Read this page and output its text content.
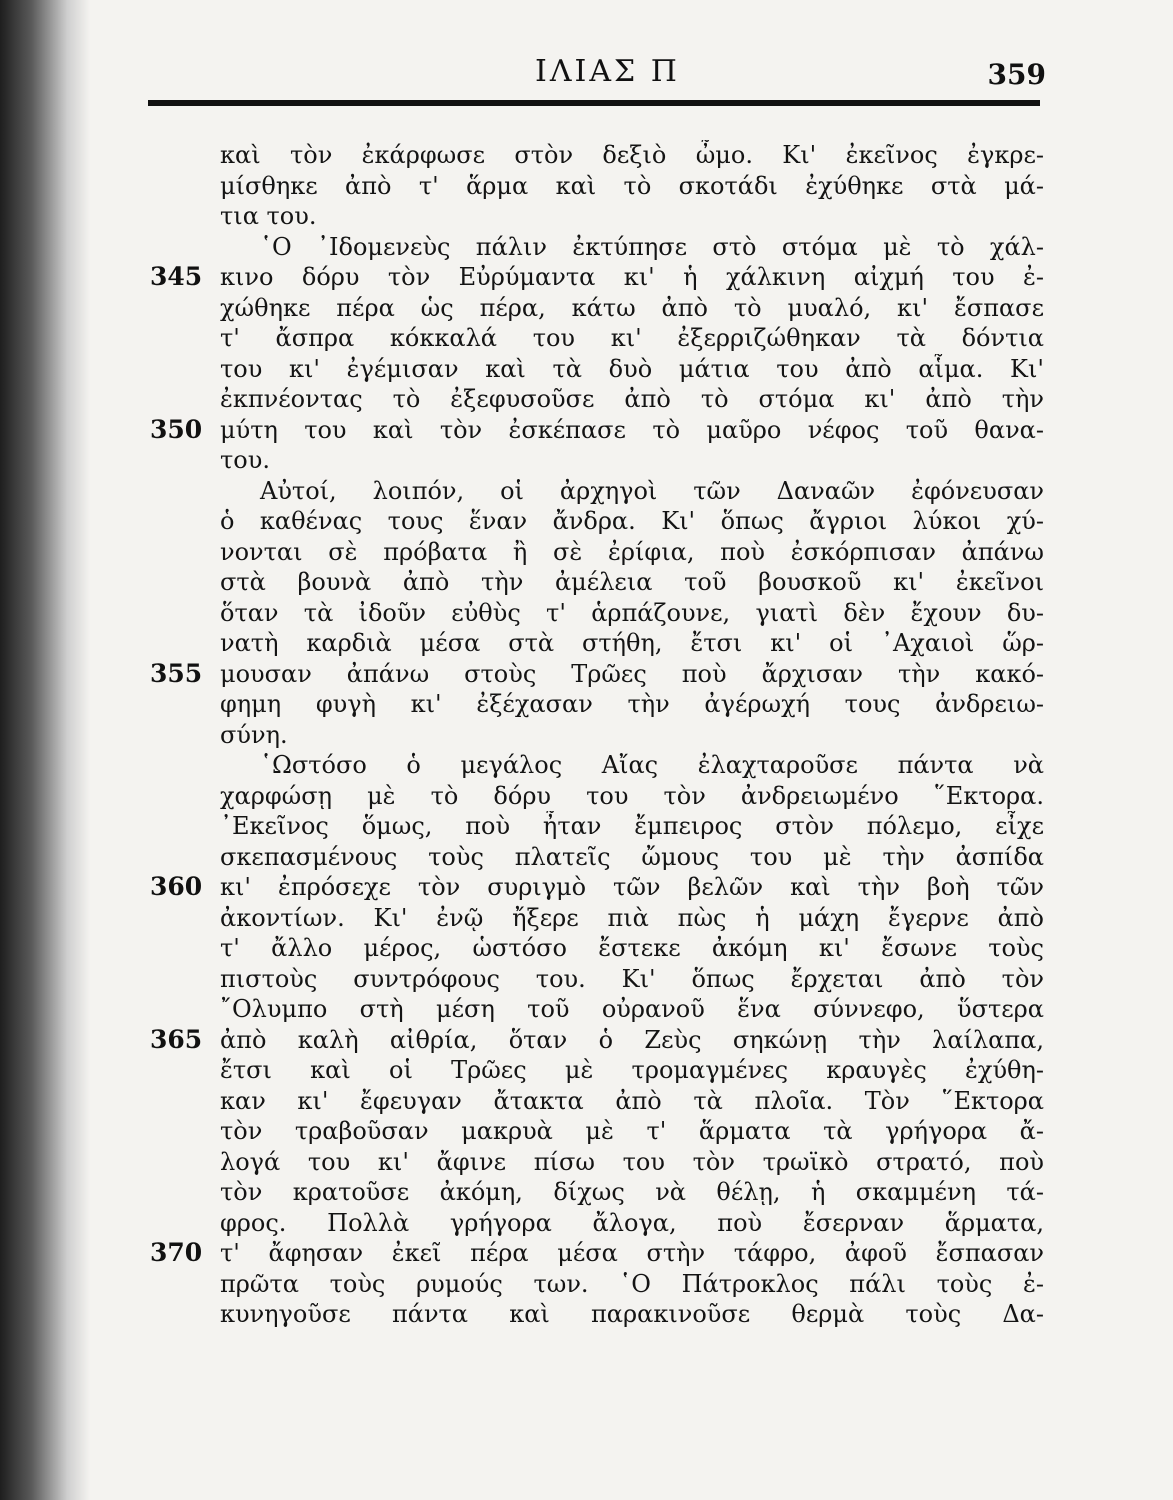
ΙΛΙΑΣ Π	359
καὶ τὸν ἐκάρφωσε στὸν δεξιὸ ὦμο. Κι' ἐκεῖνος ἐγκρε-
μίσθηκε ἀπὸ τ' ἅρμα καὶ τὸ σκοτάδι ἐχύθηκε στὰ μά-
τια του.
῾Ο ᾽Ιδομενεὺς πάλιν ἐκτύπησε στὸ στόμα μὲ τὸ χάλ-
345 κινο δόρυ τὸν Εὐρύμαντα κι' ἡ χάλκινη αἰχμή του ἐ-
χώθηκε πέρα ὡς πέρα, κάτω ἀπὸ τὸ μυαλό, κι' ἔσπασε
τ' ἄσπρα κόκκαλά του κι' ἐξερριζώθηκαν τὰ δόντια
του κι' ἐγέμισαν καὶ τὰ δυὸ μάτια του ἀπὸ αἷμα. Κι'
ἐκπνέοντας τὸ ἐξεφυσοῦσε ἀπὸ τὸ στόμα κι' ἀπὸ τὴν
350 μύτη του καὶ τὸν ἐσκέπασε τὸ μαῦρο νέφος τοῦ θανα-
του.
Αὐτοί, λοιπόν, οἱ ἀρχηγοὶ τῶν Δαναῶν ἐφόνευσαν
ὁ καθένας τους ἕναν ἄνδρα. Κι' ὅπως ἄγριοι λύκοι χύ-
νονται σὲ πρόβατα ἢ σὲ ἐρίφια, ποὺ ἐσκόρπισαν ἀπάνω
στὰ βουνὰ ἀπὸ τὴν ἀμέλεια τοῦ βουσκοῦ κι' ἐκεῖνοι
ὅταν τὰ ἰδοῦν εὐθὺς τ' ἁρπάζουνε, γιατὶ δὲν ἔχουν δυ-
νατὴ καρδιὰ μέσα στὰ στήθη, ἔτσι κι' οἱ ᾽Αχαιοὶ ὥρ-
355 μουσαν ἀπάνω στοὺς Τρῶες ποὺ ἄρχισαν τὴν κακό-
φημη φυγὴ κι' ἐξέχασαν τὴν ἀγέρωχή τους ἀνδρειω-
σύνη.
῾Ωστόσο ὁ μεγάλος Αἴας ἐλαχταροῦσε πάντα νὰ
χαρφώσῃ μὲ τὸ δόρυ του τὸν ἀνδρειωμένο ῞Εκτορα.
᾽Εκεῖνος ὅμως, ποὺ ἦταν ἔμπειρος στὸν πόλεμο, εἶχε
σκεπασμένους τοὺς πλατεῖς ὤμους του μὲ τὴν ἀσπίδα
360 κι' ἐπρόσεχε τὸν συριγμὸ τῶν βελῶν καὶ τὴν βοὴ τῶν
ἀκοντίων. Κι' ἐνῷ ἤξερε πιὰ πὼς ἡ μάχη ἔγερνε ἀπὸ
τ' ἄλλο μέρος, ὡστόσο ἔστεκε ἀκόμη κι' ἔσωνε τοὺς
πιστοὺς συντρόφους του. Κι' ὅπως ἔρχεται ἀπὸ τὸν
῎Ολυμπο στὴ μέση τοῦ οὐρανοῦ ἕνα σύννεφο, ὕστερα
365 ἀπὸ καλὴ αἰθρία, ὅταν ὁ Ζεὺς σηκώνῃ τὴν λαίλαπα,
ἔτσι καὶ οἱ Τρῶες μὲ τρομαγμένες κραυγὲς ἐχύθη-
καν κι' ἔφευγαν ἄτακτα ἀπὸ τὰ πλοῖα. Τὸν ῞Εκτορα
τὸν τραβοῦσαν μακρυὰ μὲ τ' ἅρματα τὰ γρήγορα ἄ-
λογά του κι' ἄφινε πίσω του τὸν τρωϊκὸ στρατό, ποὺ
τὸν κρατοῦσε ἀκόμη, δίχως νὰ θέλῃ, ἡ σκαμμένη τά-
φρος. Πολλὰ γρήγορα ἄλογα, ποὺ ἔσερναν ἅρματα,
370 τ' ἄφησαν ἐκεῖ πέρα μέσα στὴν τάφρο, ἀφοῦ ἔσπασαν
πρῶτα τοὺς ρυμούς των. ῾Ο Πάτροκλος πάλι τοὺς ἐ-
κυνηγοῦσε πάντα καὶ παρακινοῦσε θερμὰ τοὺς Δα-
